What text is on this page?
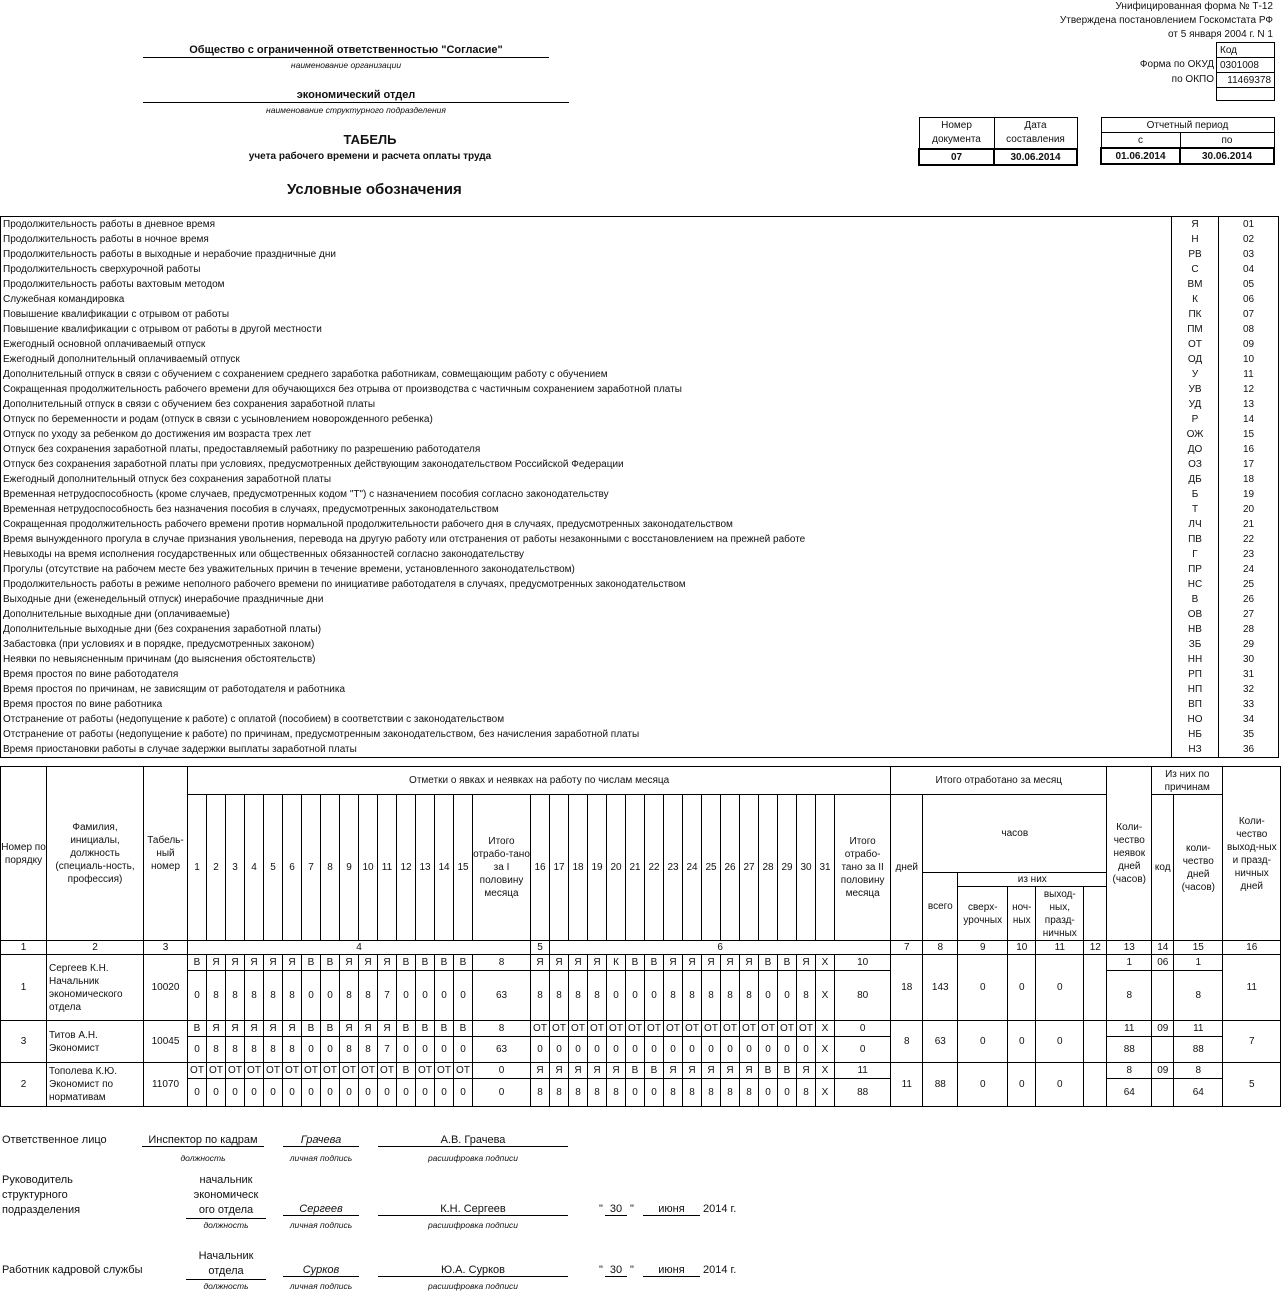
Унифицированная форма № Т-12
Утверждена постановлением Госкомстата РФ
от 5 января 2004 г. N 1
Форма по ОКУД
по ОКПО
Код
0301008
11469378

Общество с ограниченной ответственностью "Согласие"
наименование организации
экономический отдел
наименование структурного подразделения
ТАБЕЛЬ
учета рабочего времени и расчета оплаты труда
Номер документа	Дата составления
07	30.06.2014
Отчетный период	
с	по
01.06.2014	30.06.2014
Условные обозначения
Продолжительность работы в дневное время	Я	01
Продолжительность работы в ночное время	Н	02
Продолжительность работы в выходные и нерабочие праздничные дни	РВ	03
Продолжительность сверхурочной работы	С	04
Продолжительность работы вахтовым методом	ВМ	05
Служебная командировка	К	06
Повышение квалификации с отрывом от работы	ПК	07
Повышение квалификации с отрывом от работы в другой местности	ПМ	08
Ежегодный основной оплачиваемый отпуск	ОТ	09
Ежегодный дополнительный оплачиваемый отпуск	ОД	10
Дополнительный отпуск в связи с обучением с сохранением среднего заработка работникам, совмещающим работу с обучением	У	11
Сокращенная продолжительность рабочего времени для обучающихся без отрыва от производства с частичным сохранением заработной платы	УВ	12
Дополнительный отпуск в связи с обучением без сохранения заработной платы	УД	13
Отпуск по беременности и родам (отпуск в связи с усыновлением новорожденного ребенка)	Р	14
Отпуск по уходу за ребенком до достижения им возраста трех лет	ОЖ	15
Отпуск без сохранения заработной платы, предоставляемый работнику по разрешению работодателя	ДО	16
Отпуск без сохранения заработной платы при условиях, предусмотренных действующим законодательством Российской Федерации	ОЗ	17
Ежегодный дополнительный отпуск без сохранения заработной платы	ДБ	18
Временная нетрудоспособность (кроме случаев, предусмотренных кодом "Т") с назначением пособия согласно законодательству	Б	19
Временная нетрудоспособность без назначения пособия в случаях, предусмотренных законодательством	Т	20
Сокращенная продолжительность рабочего времени против нормальной продолжительности рабочего дня в случаях, предусмотренных законодательством	ЛЧ	21
Время вынужденного прогула в случае признания увольнения, перевода на другую работу или отстранения от работы незаконными с восстановлением на прежней работе	ПВ	22
Невыходы на время исполнения государственных или общественных обязанностей согласно законодательству	Г	23
Прогулы (отсутствие на рабочем месте без уважительных причин в течение времени, установленного законодательством)	ПР	24
Продолжительность работы в режиме неполного рабочего времени по инициативе работодателя в случаях, предусмотренных законодательством	НС	25
Выходные дни (еженедельный отпуск) инерабочие праздничные дни	В	26
Дополнительные выходные дни (оплачиваемые)	ОВ	27
Дополнительные выходные дни (без сохранения заработной платы)	НВ	28
Забастовка (при условиях и в порядке, предусмотренных законом)	ЗБ	29
Неявки по невыясненным причинам (до выяснения обстоятельств)	НН	30
Время простоя по вине работодателя	РП	31
Время простоя по причинам, не зависящим от работодателя и работника	НП	32
Время простоя по вине работника	ВП	33
Отстранение от работы (недопущение к работе) с оплатой (пособием) в соответствии с законодательством	НО	34
Отстранение от работы (недопущение к работе) по причинам, предусмотренным законодательством, без начисления заработной платы	НБ	35
Время приостановки работы в случае задержки выплаты заработной платы	НЗ	36
Номер по порядку	Фамилия, инициалы, должность (специаль-ность, профессия)	Табель-ный номер	Отметки о явках и неявках на работу по числам месяца																																	Итого отработано за месяц						Коли-чество неявок дней (часов)	Из них по причинам		Коли-чество выход-ных и празд-ничных дней	
			1	2	3	4	5	6	7	8	9	10	11	12	13	14	15	Итого отрабо-тано за I половину месяца	16	17	18	19	20	21	22	23	24	25	26	27	28	29	30	31	Итого отрабо-тано за II половину месяца	дней	часов						код	коли-чество дней (часов)		
																																					всего	из них								
																																						сверх-урочных	ноч-ных	выход-ных, празд-ничных						

1	2	3	4																5	6																7	8	9	10	11	12	13	14	15	16	
1	Сергеев К.Н. Начальник экономического отдела	10020	В	Я	Я	Я	Я	Я	В	В	Я	Я	Я	В	В	В	В	8	Я	Я	Я	Я	К	В	В	Я	Я	Я	Я	Я	В	В	Я	Х	10	18	143	0	0	0		1	06	1	11	
			0	8	8	8	8	8	0	0	8	8	7	0	0	0	0	63	8	8	8	8	0	0	0	8	8	8	8	8	0	0	8	Х	80							8		8		
3	Титов А.Н. Экономист	10045	В	Я	Я	Я	Я	Я	В	В	Я	Я	Я	В	В	В	В	8	ОТ	ОТ	ОТ	ОТ	ОТ	ОТ	ОТ	ОТ	ОТ	ОТ	ОТ	ОТ	ОТ	ОТ	ОТ	Х	0	8	63	0	0	0		11	09	11	7	
			0	8	8	8	8	8	0	0	8	8	7	0	0	0	0	63	0	0	0	0	0	0	0	0	0	0	0	0	0	0	0	Х	0							88		88		
2	Тополева К.Ю. Экономист по нормативам	11070	ОТ	ОТ	ОТ	ОТ	ОТ	ОТ	ОТ	ОТ	ОТ	ОТ	ОТ	В	ОТ	ОТ	ОТ	0	Я	Я	Я	Я	Я	В	В	Я	Я	Я	Я	Я	В	В	Я	Х	11	11	88	0	0	0		8	09	8	5	
			0	0	0	0	0	0	0	0	0	0	0	0	0	0	0	0	8	8	8	8	8	0	0	8	8	8	8	8	0	0	8	Х	88							64		64		
Ответственное лицо	Инспектор по кадрам	Грачева	А.В. Грачева
должность	личная подпись	расшифровка подписи
Руководитель структурного подразделения
начальник экономическ ого отдела	Сергеев	К.Н. Сергеев
должность	личная подпись	расшифровка подписи
" 30 "	июня	2014 г.
Работник кадровой службы
Начальник отдела	Сурков	Ю.А. Сурков
должность	личная подпись	расшифровка подписи
" 30 "	июня	2014 г.
